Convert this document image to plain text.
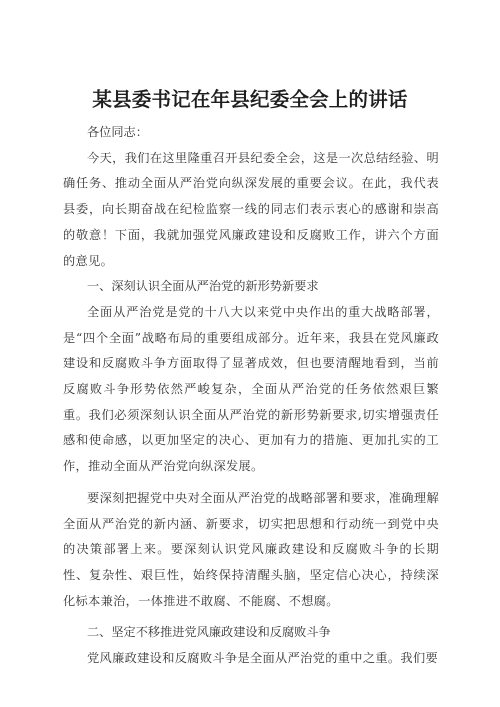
某县委书记在年县纪委全会上的讲话

各位同志：

今天，我们在这里隆重召开县纪委全会，这是一次总结经验、明确任务、推动全面从严治党向纵深发展的重要会议。在此，我代表县委，向长期奋战在纪检监察一线的同志们表示衷心的感谢和崇高的敬意！下面，我就加强党风廉政建设和反腐败工作，讲六个方面的意见。

一、深刻认识全面从严治党的新形势新要求

全面从严治党是党的十八大以来党中央作出的重大战略部署，是“四个全面”战略布局的重要组成部分。近年来，我县在党风廉政建设和反腐败斗争方面取得了显著成效，但也要清醒地看到，当前反腐败斗争形势依然严峻复杂，全面从严治党的任务依然艰巨繁重。我们必须深刻认识全面从严治党的新形势新要求,切实增强责任感和使命感，以更加坚定的决心、更加有力的措施、更加扎实的工作，推动全面从严治党向纵深发展。

要深刻把握党中央对全面从严治党的战略部署和要求，准确理解全面从严治党的新内涵、新要求，切实把思想和行动统一到党中央的决策部署上来。要深刻认识党风廉政建设和反腐败斗争的长期性、复杂性、艰巨性，始终保持清醒头脑，坚定信心决心，持续深化标本兼治，一体推进不敢腐、不能腐、不想腐。

二、坚定不移推进党风廉政建设和反腐败斗争

党风廉政建设和反腐败斗争是全面从严治党的重中之重。我们要
